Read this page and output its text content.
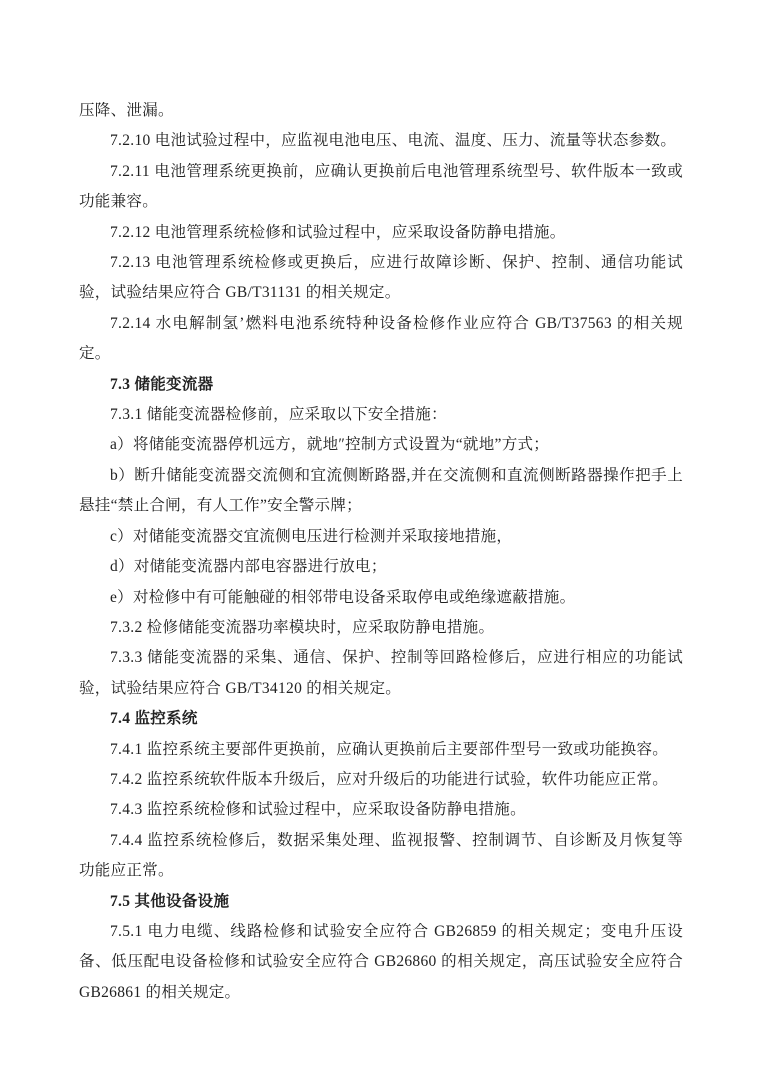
压降、泄漏。

7.2.10 电池试验过程中，应监视电池电压、电流、温度、压力、流量等状态参数。

7.2.11 电池管理系统更换前，应确认更换前后电池管理系统型号、软件版本一致或功能兼容。

7.2.12 电池管理系统检修和试验过程中，应采取设备防静电措施。

7.2.13 电池管理系统检修或更换后，应进行故障诊断、保护、控制、通信功能试验，试验结果应符合 GB/T31131 的相关规定。

7.2.14 水电解制氢’燃料电池系统特种设备检修作业应符合 GB/T37563 的相关规定。

7.3 储能变流器

7.3.1 储能变流器检修前，应采取以下安全措施：

a）将储能变流器停机远方，就地″控制方式设置为“就地”方式；

b）断升储能变流器交流侧和宜流侧断路器,并在交流侧和直流侧断路器操作把手上悬挂“禁止合闸，有人工作”安全警示牌；

c）对储能变流器交宜流侧电压进行检测并采取接地措施，

d）对储能变流器内部电容器进行放电；

e）对检修中有可能触碰的相邻带电设备采取停电或绝缘遮蔽措施。

7.3.2 检修储能变流器功率模块时，应采取防静电措施。

7.3.3 储能变流器的采集、通信、保护、控制等回路检修后，应进行相应的功能试验，试验结果应符合 GB/T34120 的相关规定。

7.4 监控系统

7.4.1 监控系统主要部件更换前，应确认更换前后主要部件型号一致或功能换容。

7.4.2 监控系统软件版本升级后，应对升级后的功能进行试验，软件功能应正常。

7.4.3 监控系统检修和试验过程中，应采取设备防静电措施。

7.4.4 监控系统检修后，数据采集处理、监视报警、控制调节、自诊断及月恢复等功能应正常。

7.5 其他设备设施

7.5.1 电力电缆、线路检修和试验安全应符合 GB26859 的相关规定；变电升压设备、低压配电设备检修和试验安全应符合 GB26860 的相关规定，高压试验安全应符合 GB26861 的相关规定。
